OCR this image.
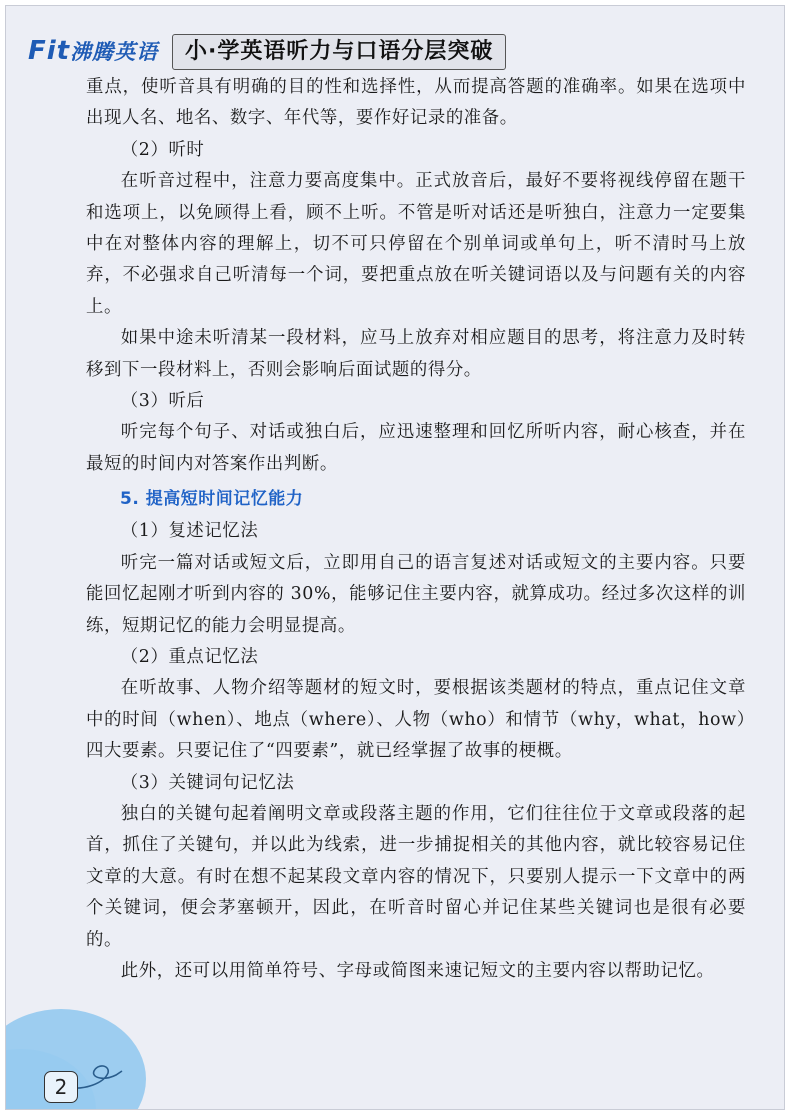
Fit沸腾英语	小·学英语听力与口语分层突破

重点，使听音具有明确的目的性和选择性，从而提高答题的准确率。如果在选项中出现人名、地名、数字、年代等，要作好记录的准备。

（2）听时

在听音过程中，注意力要高度集中。正式放音后，最好不要将视线停留在题干和选项上，以免顾得上看，顾不上听。不管是听对话还是听独白，注意力一定要集中在对整体内容的理解上，切不可只停留在个别单词或单句上，听不清时马上放弃，不必强求自己听清每一个词，要把重点放在听关键词语以及与问题有关的内容上。

如果中途未听清某一段材料，应马上放弃对相应题目的思考，将注意力及时转移到下一段材料上，否则会影响后面试题的得分。

（3）听后

听完每个句子、对话或独白后，应迅速整理和回忆所听内容，耐心核查，并在最短的时间内对答案作出判断。

5. 提高短时间记忆能力

（1）复述记忆法

听完一篇对话或短文后，立即用自己的语言复述对话或短文的主要内容。只要能回忆起刚才听到内容的 30%，能够记住主要内容，就算成功。经过多次这样的训练，短期记忆的能力会明显提高。

（2）重点记忆法

在听故事、人物介绍等题材的短文时，要根据该类题材的特点，重点记住文章中的时间（when）、地点（where）、人物（who）和情节（why，what，how）四大要素。只要记住了“四要素”，就已经掌握了故事的梗概。

（3）关键词句记忆法

独白的关键句起着阐明文章或段落主题的作用，它们往往位于文章或段落的起首，抓住了关键句，并以此为线索，进一步捕捉相关的其他内容，就比较容易记住文章的大意。有时在想不起某段文章内容的情况下，只要别人提示一下文章中的两个关键词，便会茅塞顿开，因此，在听音时留心并记住某些关键词也是很有必要的。

此外，还可以用简单符号、字母或简图来速记短文的主要内容以帮助记忆。

2
